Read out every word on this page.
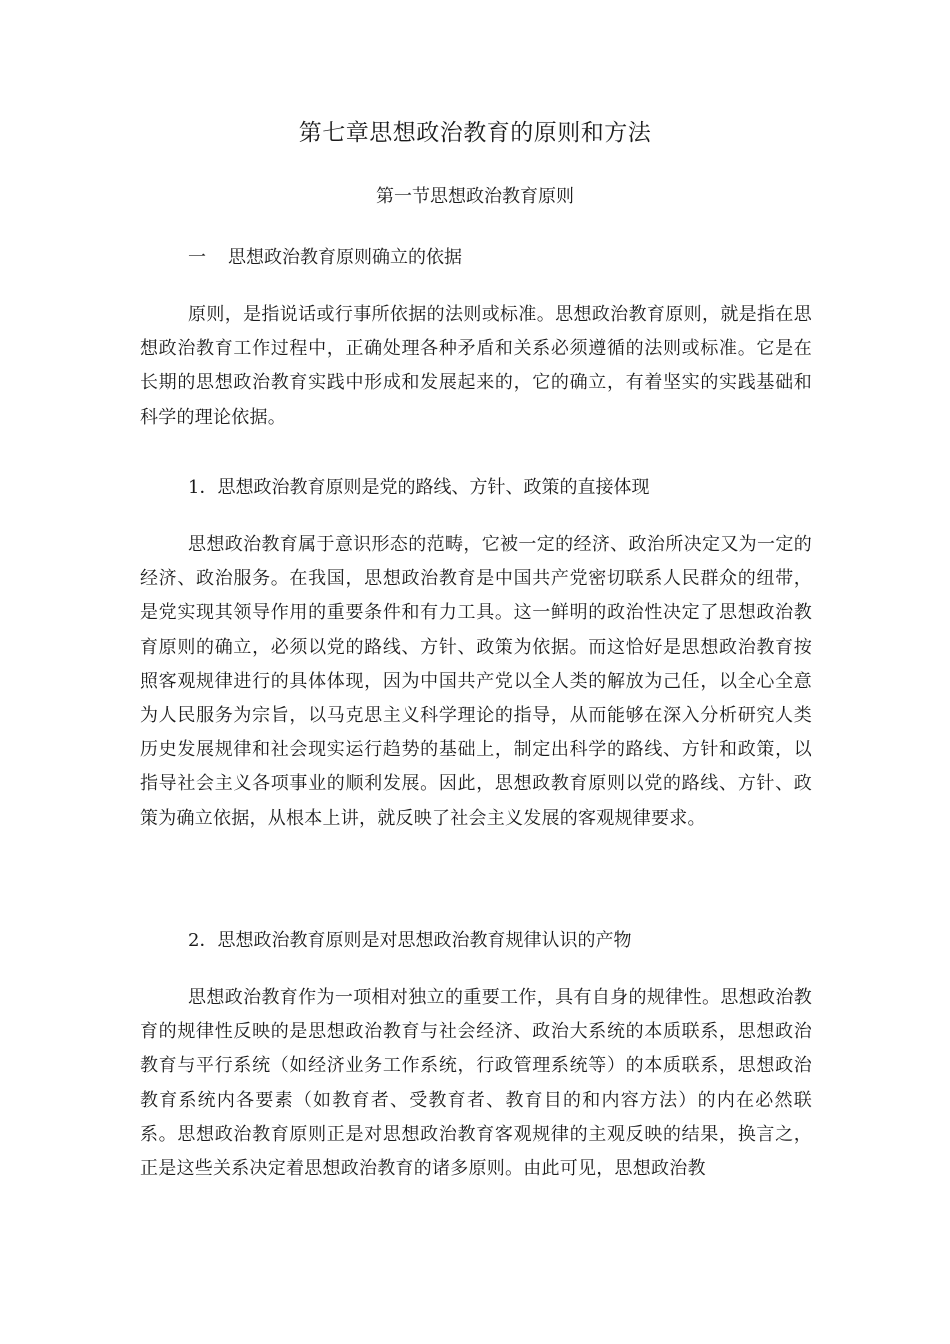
第七章思想政治教育的原则和方法
第一节思想政治教育原则
一 思想政治教育原则确立的依据

原则，是指说话或行事所依据的法则或标准。思想政治教育原则，就是指在思想政治教育工作过程中，正确处理各种矛盾和关系必须遵循的法则或标准。它是在长期的思想政治教育实践中形成和发展起来的，它的确立，有着坚实的实践基础和科学的理论依据。

1．思想政治教育原则是党的路线、方针、政策的直接体现

思想政治教育属于意识形态的范畴，它被一定的经济、政治所决定又为一定的经济、政治服务。在我国，思想政治教育是中国共产党密切联系人民群众的纽带，是党实现其领导作用的重要条件和有力工具。这一鲜明的政治性决定了思想政治教育原则的确立，必须以党的路线、方针、政策为依据。而这恰好是思想政治教育按照客观规律进行的具体体现，因为中国共产党以全人类的解放为己任，以全心全意为人民服务为宗旨，以马克思主义科学理论的指导，从而能够在深入分析研究人类历史发展规律和社会现实运行趋势的基础上，制定出科学的路线、方针和政策，以指导社会主义各项事业的顺利发展。因此，思想政教育原则以党的路线、方针、政策为确立依据，从根本上讲，就反映了社会主义发展的客观规律要求。

2．思想政治教育原则是对思想政治教育规律认识的产物

思想政治教育作为一项相对独立的重要工作，具有自身的规律性。思想政治教育的规律性反映的是思想政治教育与社会经济、政治大系统的本质联系，思想政治教育与平行系统（如经济业务工作系统，行政管理系统等）的本质联系，思想政治教育系统内各要素（如教育者、受教育者、教育目的和内容方法）的内在必然联系。思想政治教育原则正是对思想政治教育客观规律的主观反映的结果，换言之，正是这些关系决定着思想政治教育的诸多原则。由此可见，思想政治教
